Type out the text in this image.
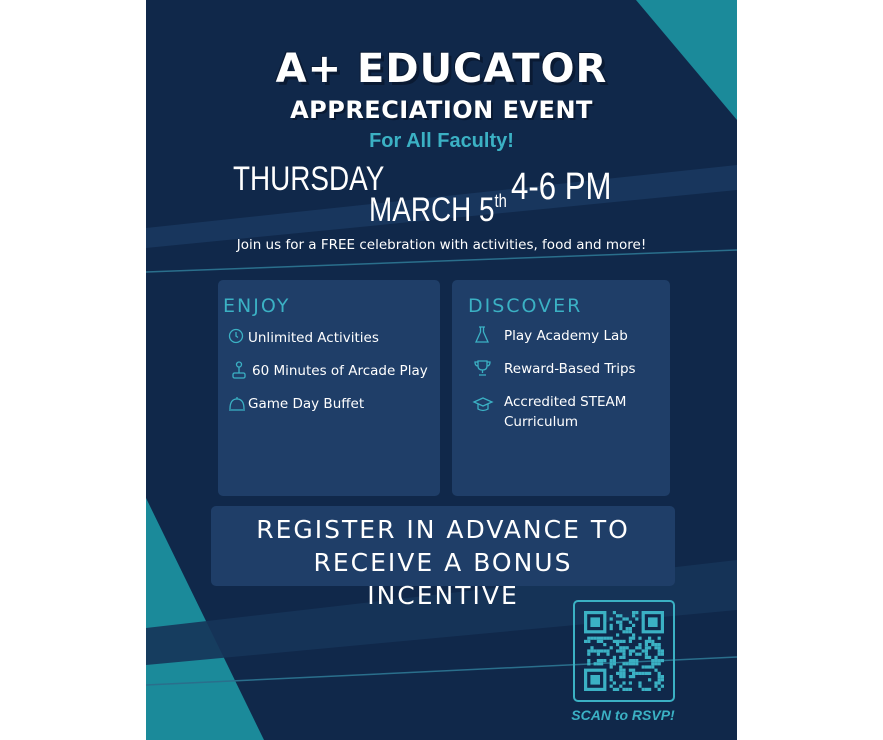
A+ EDUCATOR
APPRECIATION EVENT
For All Faculty!
THURSDAY
MARCH 5th 4-6 PM
Join us for a FREE celebration with activities, food and more!
ENJOY
Unlimited Activities
60 Minutes of Arcade Play
Game Day Buffet
DISCOVER
Play Academy Lab
Reward-Based Trips
Accredited STEAM Curriculum
REGISTER IN ADVANCE TO
RECEIVE A BONUS
INCENTIVE
SCAN to RSVP!
